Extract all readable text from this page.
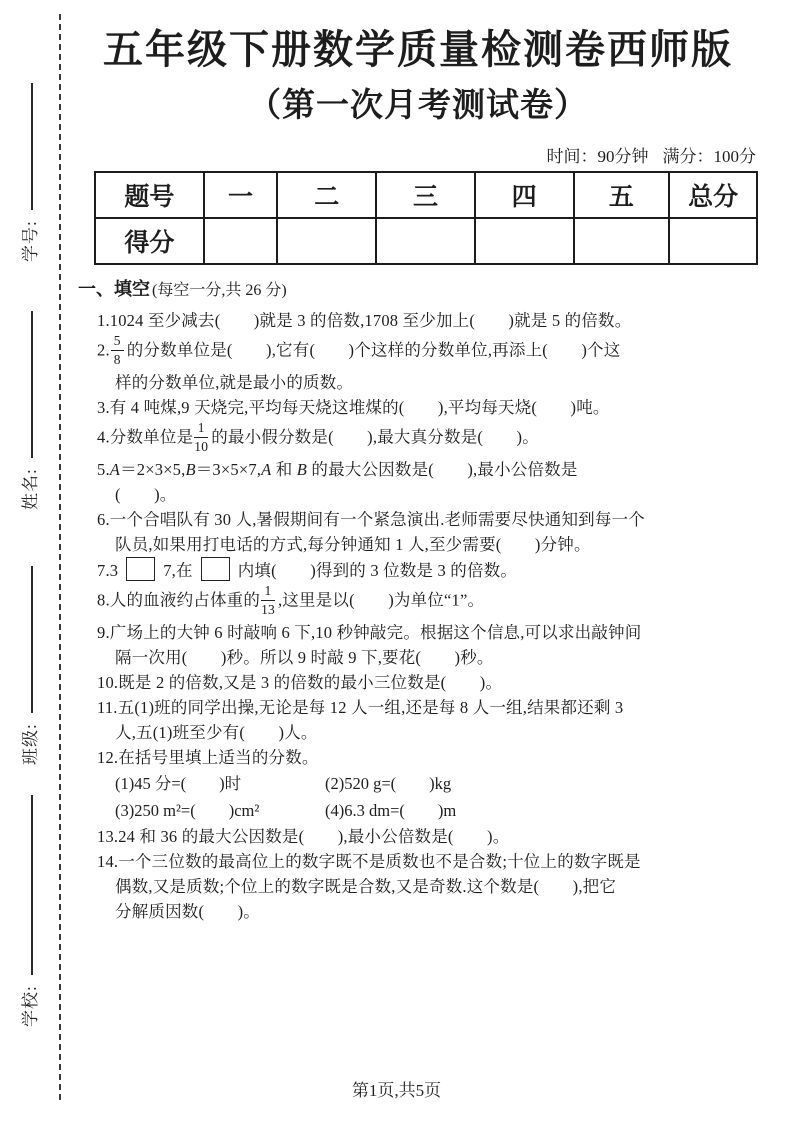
学号:
姓名:
班级:
学校:
五年级下册数学质量检测卷西师版
（第一次月考测试卷）
时间：90分钟 满分：100分
题号	一	二	三	四	五	总分
得分						
一、填空 (每空一分,共 26 分)
1.1024 至少减去(　　)就是 3 的倍数,1708 至少加上(　　)就是 5 的倍数。
2. $\frac{5}{8}$ 的分数单位是(　　),它有(　　)个这样的分数单位,再添上(　　)个这
样的分数单位,就是最小的质数。
3.有 4 吨煤,9 天烧完,平均每天烧这堆煤的(　　),平均每天烧(　　)吨。
4.分数单位是 $\frac{1}{10}$ 的最小假分数是(　　),最大真分数是(　　)。
5.A＝2×3×5,B＝3×5×7,A 和 B 的最大公因数是(　　),最小公倍数是
(　　)。
6.一个合唱队有 30 人,暑假期间有一个紧急演出.老师需要尽快通知到每一个
队员,如果用打电话的方式,每分钟通知 1 人,至少需要(　　)分钟。
7.3	7,在	内填(　　)得到的 3 位数是 3 的倍数。
8.人的血液约占体重的 $\frac{1}{13}$ ,这里是以(　　)为单位“1”。
9.广场上的大钟 6 时敲响 6 下,10 秒钟敲完。根据这个信息,可以求出敲钟间
隔一次用(　　)秒。所以 9 时敲 9 下,要花(　　)秒。
10.既是 2 的倍数,又是 3 的倍数的最小三位数是(　　)。
11.五(1)班的同学出操,无论是每 12 人一组,还是每 8 人一组,结果都还剩 3
人,五(1)班至少有(　　)人。
12.在括号里填上适当的分数。
(1)45 分=(　　)时	(2)520 g=(　　)kg
(3)250 m²=(　　)cm²	(4)6.3 dm=(　　)m
13.24 和 36 的最大公因数是(　　),最小公倍数是(　　)。
14.一个三位数的最高位上的数字既不是质数也不是合数;十位上的数字既是
偶数,又是质数;个位上的数字既是合数,又是奇数.这个数是(　　),把它
分解质因数(　　)。
第1页,共5页
